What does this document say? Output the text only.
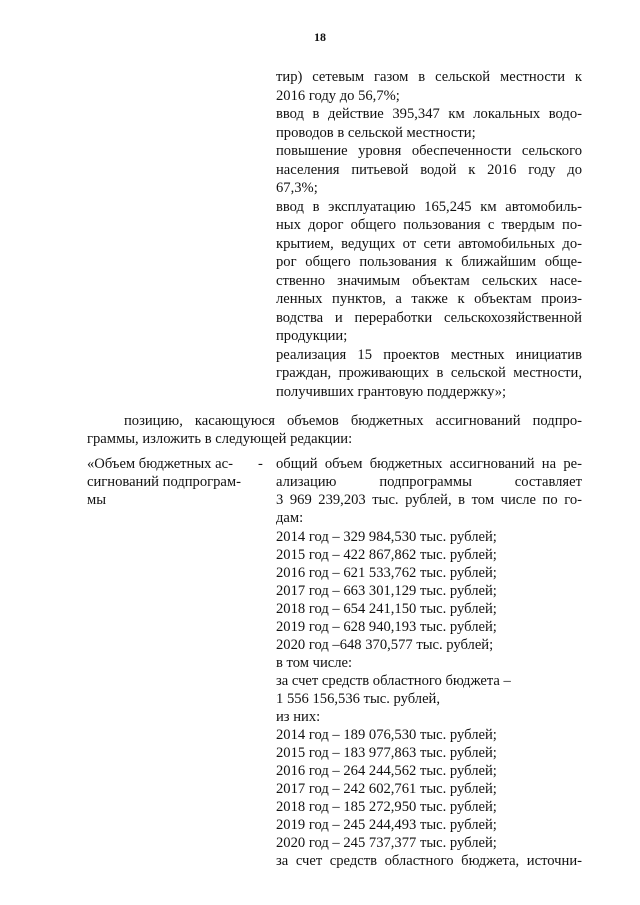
18
тир) сетевым газом в сельской местности к
2016 году до 56,7%;
ввод в действие 395,347 км локальных водо-
проводов в сельской местности;
повышение уровня обеспеченности сельского
населения питьевой водой к 2016 году до
67,3%;
ввод в эксплуатацию 165,245 км автомобиль-
ных дорог общего пользования с твердым по-
крытием, ведущих от сети автомобильных до-
рог общего пользования к ближайшим обще-
ственно значимым объектам сельских насе-
ленных пунктов, а также к объектам произ-
водства и переработки сельскохозяйственной
продукции;
реализация 15 проектов местных инициатив
граждан, проживающих в сельской местности,
получивших грантовую поддержку»;
позицию, касающуюся объемов бюджетных ассигнований подпро-
граммы, изложить в следующей редакции:
«Объем бюджетных ас-
сигнований подпрограм-
мы
- общий объем бюджетных ассигнований на ре-
ализацию подпрограммы составляет
3 969 239,203 тыс. рублей, в том числе по го-
дам:
2014 год – 329 984,530 тыс. рублей;
2015 год – 422 867,862 тыс. рублей;
2016 год – 621 533,762 тыс. рублей;
2017 год – 663 301,129 тыс. рублей;
2018 год – 654 241,150 тыс. рублей;
2019 год – 628 940,193 тыс. рублей;
2020 год –648 370,577 тыс. рублей;
в том числе:
за счет средств областного бюджета –
1 556 156,536 тыс. рублей,
из них:
2014 год – 189 076,530 тыс. рублей;
2015 год – 183 977,863 тыс. рублей;
2016 год – 264 244,562 тыс. рублей;
2017 год – 242 602,761 тыс. рублей;
2018 год – 185 272,950 тыс. рублей;
2019 год – 245 244,493 тыс. рублей;
2020 год – 245 737,377 тыс. рублей;
за счет средств областного бюджета, источни-
